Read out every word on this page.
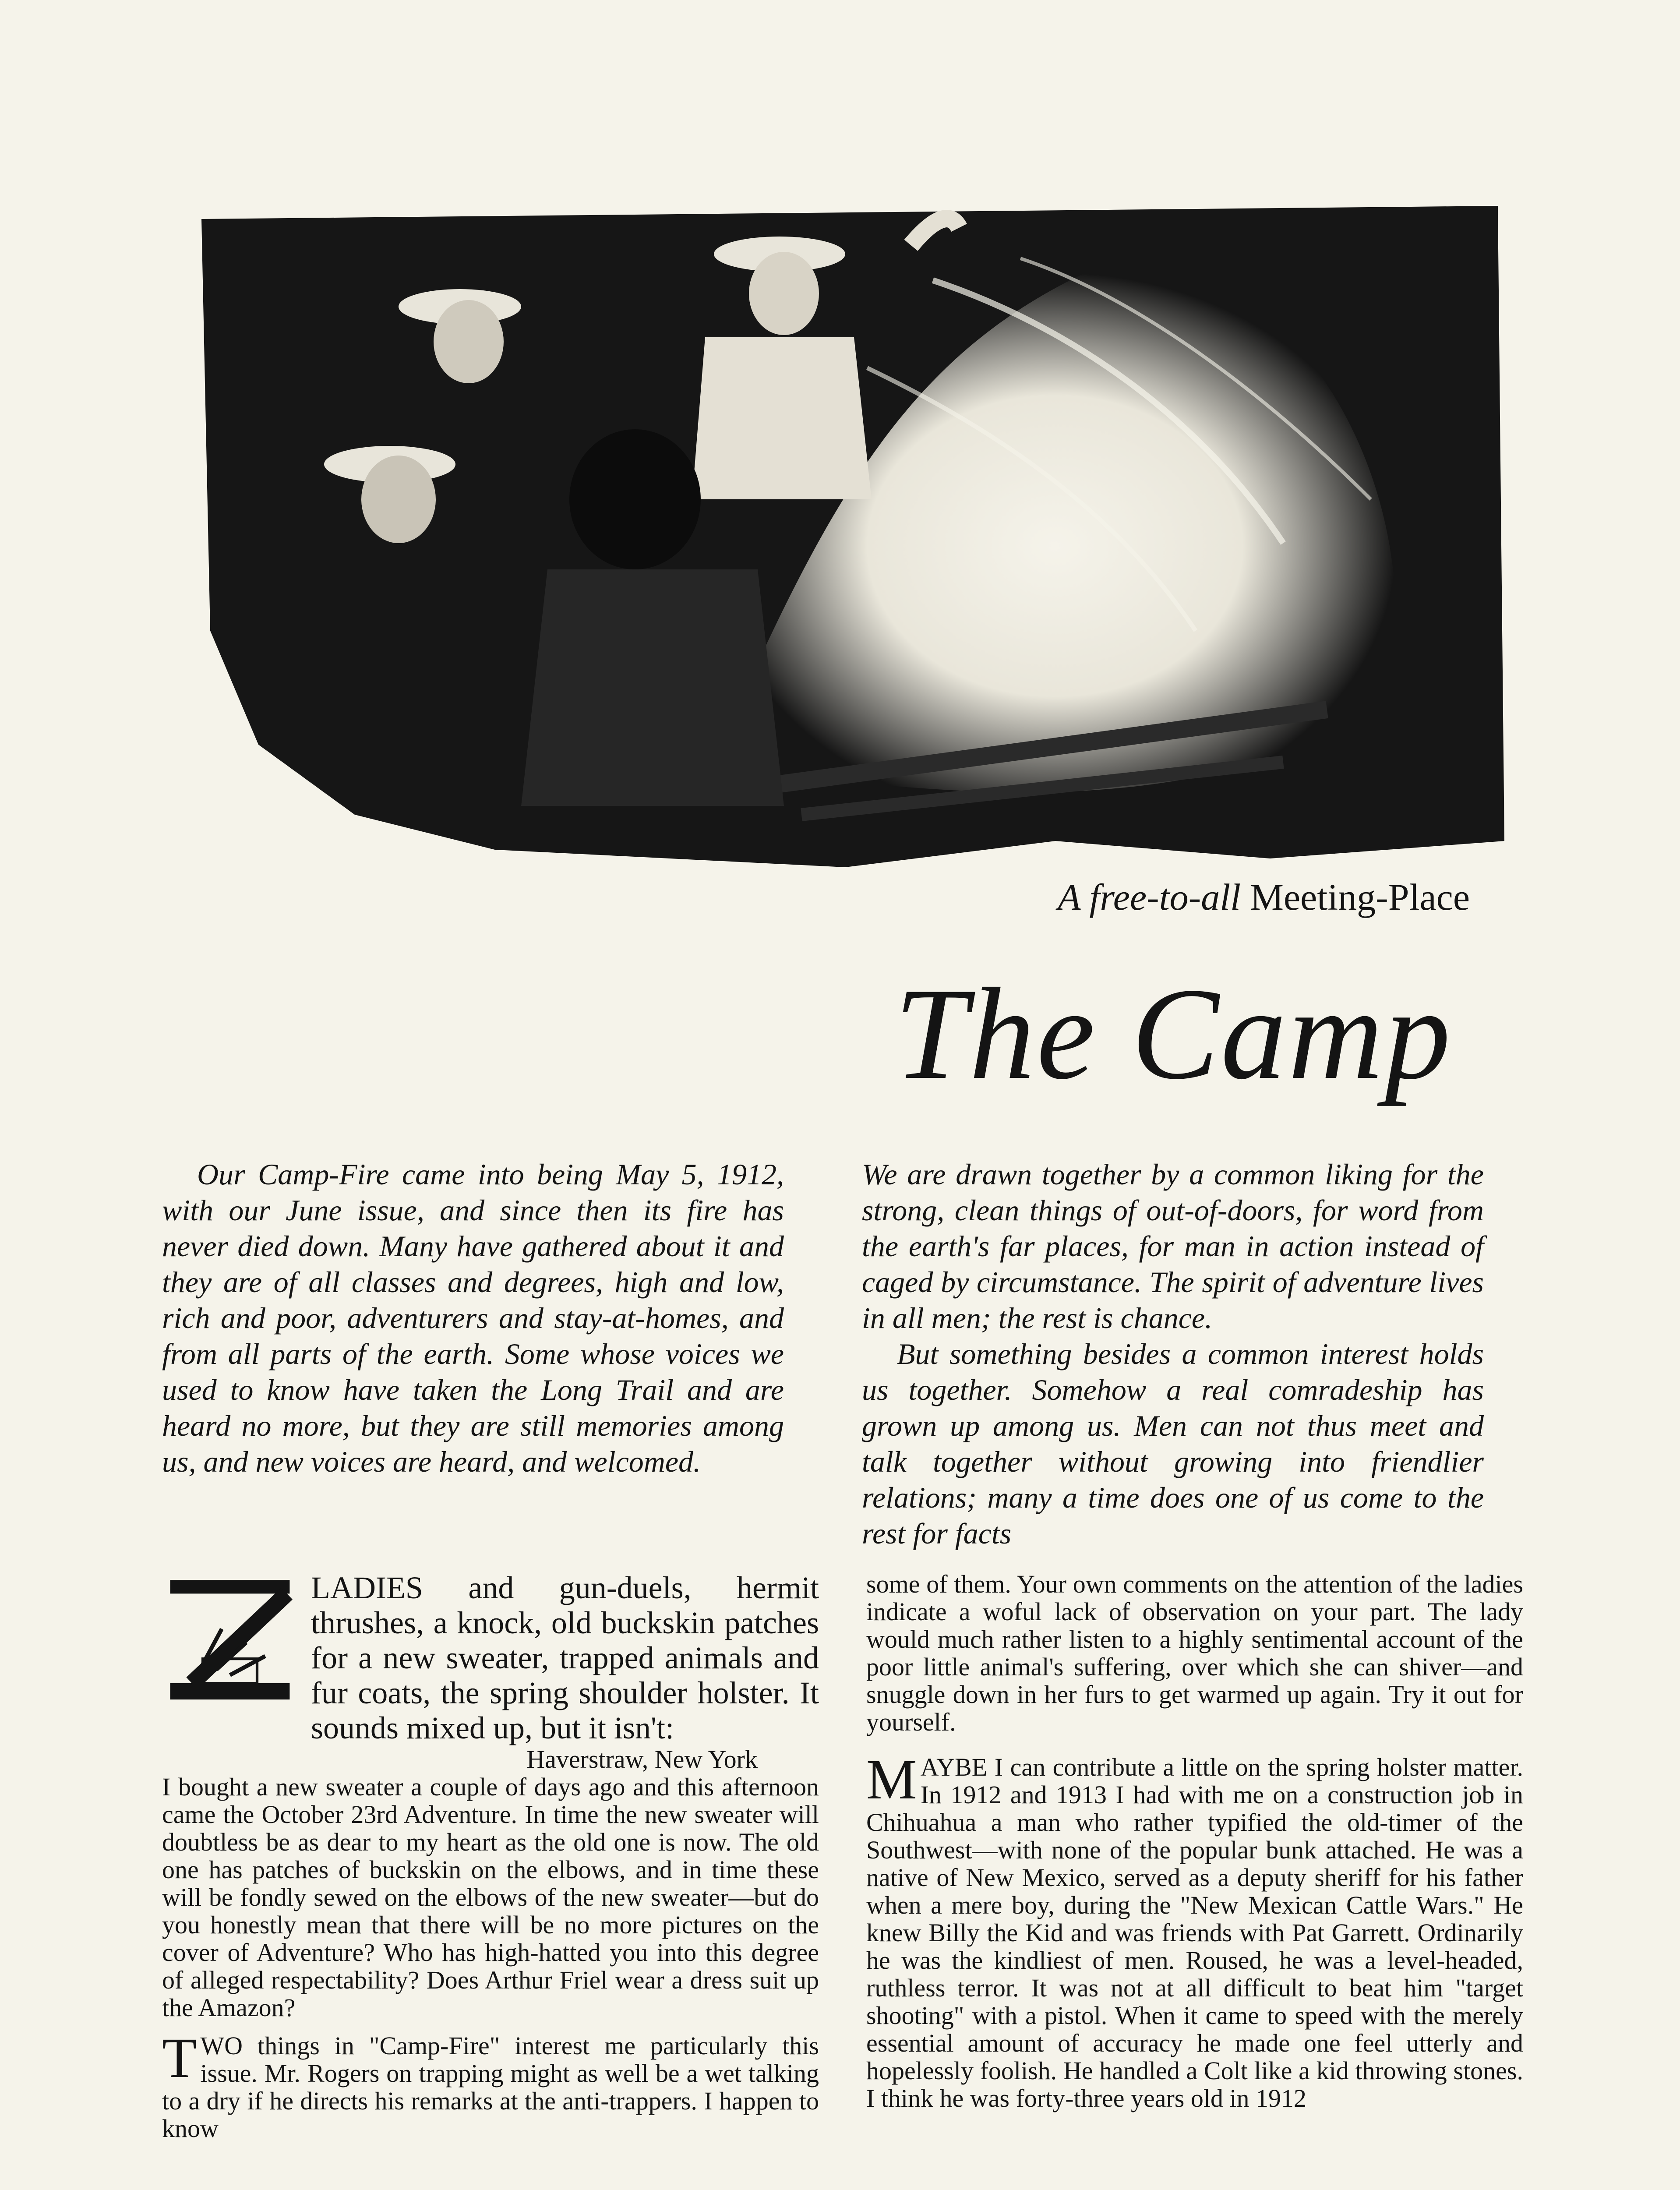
A free-to-all Meeting-Place
The Camp

Our Camp-Fire came into being May 5, 1912, with our June issue, and since then its fire has never died down. Many have gathered about it and they are of all classes and degrees, high and low, rich and poor, adventurers and stay-at-homes, and from all parts of the earth. Some whose voices we used to know have taken the Long Trail and are heard no more, but they are still memories among us, and new voices are heard, and welcomed.

We are drawn together by a common liking for the strong, clean things of out-of-doors, for word from the earth's far places, for man in action instead of caged by circumstance. The spirit of adventure lives in all men; the rest is chance.

But something besides a common interest holds us together. Somehow a real comradeship has grown up among us. Men can not thus meet and talk together without growing into friendlier relations; many a time does one of us come to the rest for facts

LADIES and gun-duels, hermit thrushes, a knock, old buckskin patches for a new sweater, trapped animals and fur coats, the spring shoulder holster. It sounds mixed up, but it isn't:

Haverstraw, New York

I bought a new sweater a couple of days ago and this afternoon came the October 23rd Adventure. In time the new sweater will doubtless be as dear to my heart as the old one is now. The old one has patches of buckskin on the elbows, and in time these will be fondly sewed on the elbows of the new sweater—but do you honestly mean that there will be no more pictures on the cover of Adventure? Who has high-hatted you into this degree of alleged respectability? Does Arthur Friel wear a dress suit up the Amazon?

T WO things in "Camp-Fire" interest me particularly this issue. Mr. Rogers on trapping might as well be a wet talking to a dry if he directs his remarks at the anti-trappers. I happen to know

some of them. Your own comments on the attention of the ladies indicate a woful lack of observation on your part. The lady would much rather listen to a highly sentimental account of the poor little animal's suffering, over which she can shiver—and snuggle down in her furs to get warmed up again. Try it out for yourself.

M AYBE I can contribute a little on the spring holster matter. In 1912 and 1913 I had with me on a construction job in Chihuahua a man who rather typified the old-timer of the Southwest—with none of the popular bunk attached. He was a native of New Mexico, served as a deputy sheriff for his father when a mere boy, during the "New Mexican Cattle Wars." He knew Billy the Kid and was friends with Pat Garrett. Ordinarily he was the kindliest of men. Roused, he was a level-headed, ruthless terror. It was not at all difficult to beat him "target shooting" with a pistol. When it came to speed with the merely essential amount of accuracy he made one feel utterly and hopelessly foolish. He handled a Colt like a kid throwing stones. I think he was forty-three years old in 1912
